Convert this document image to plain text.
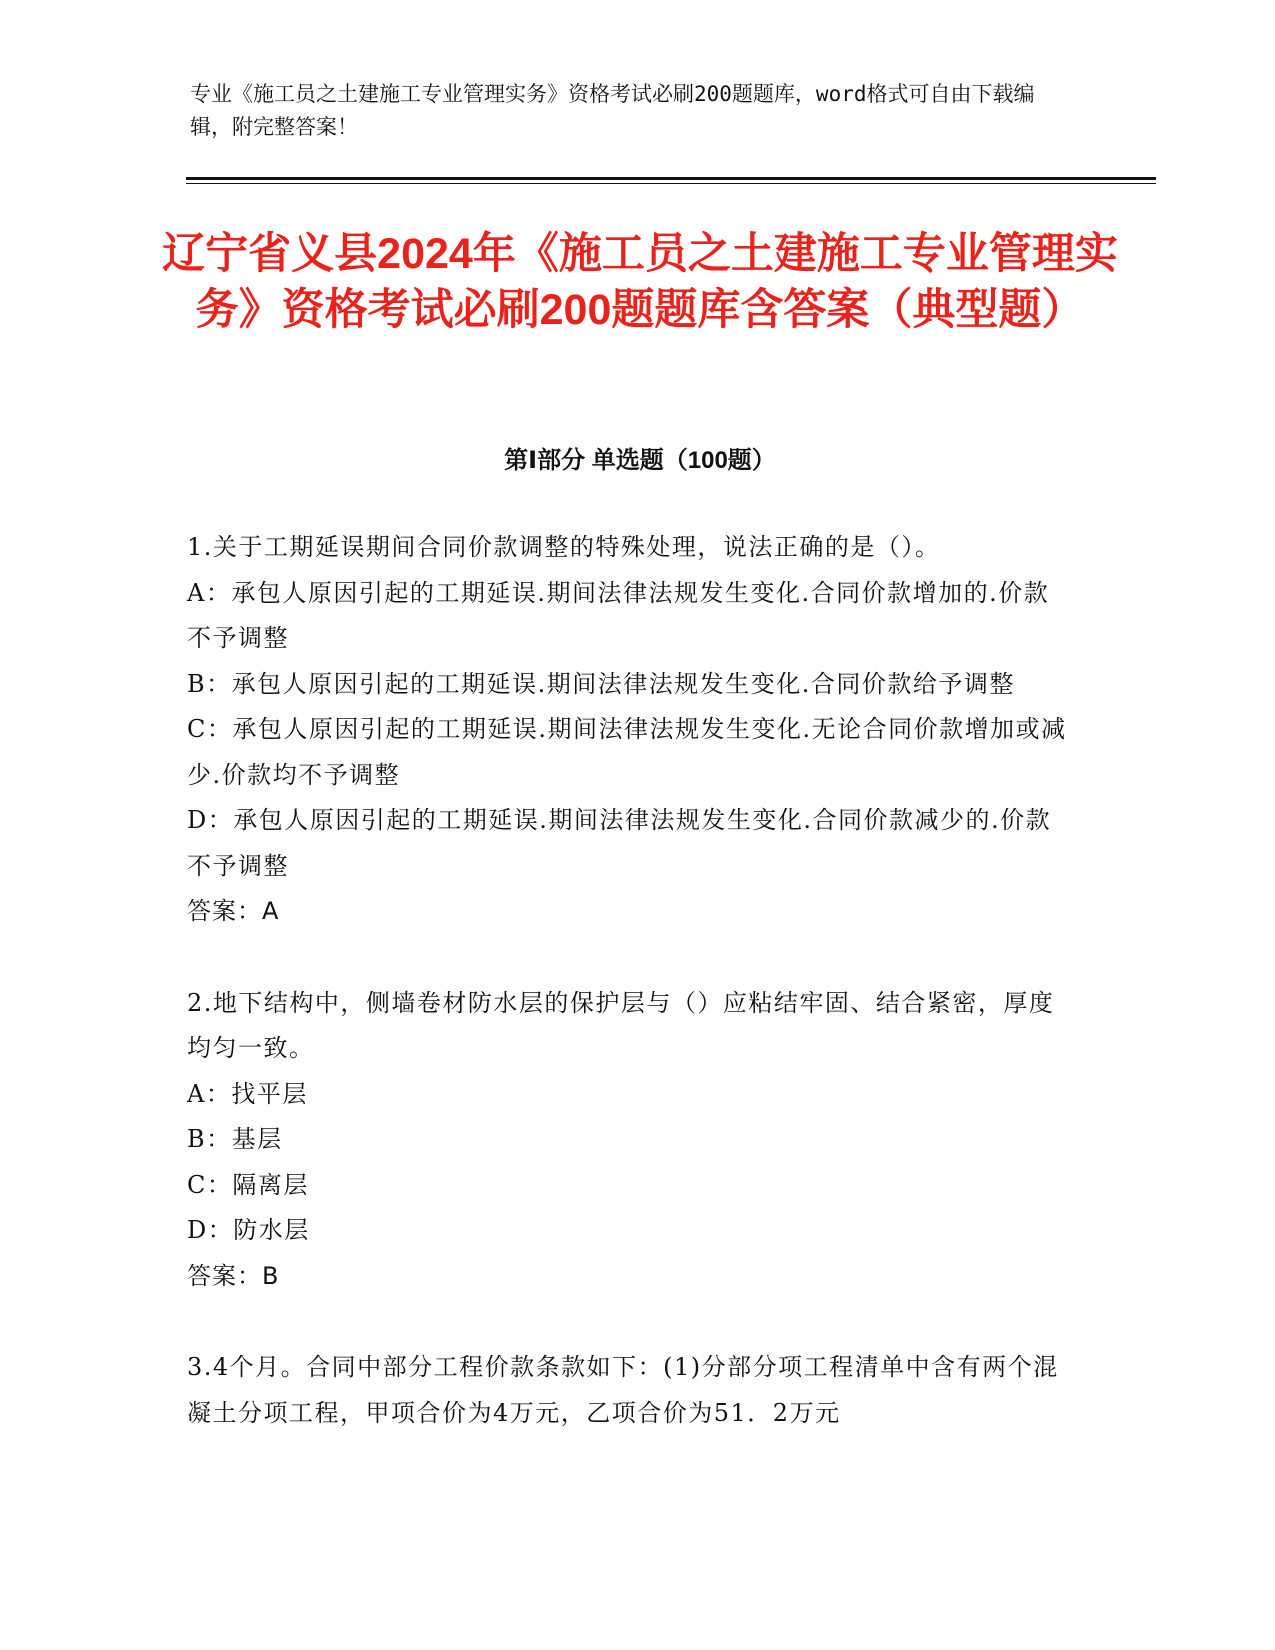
专业《施工员之土建施工专业管理实务》资格考试必刷200题题库，word格式可自由下载编辑，附完整答案！
辽宁省义县2024年《施工员之土建施工专业管理实务》资格考试必刷200题题库含答案（典型题）
第Ⅰ部分 单选题（100题）

1.关于工期延误期间合同价款调整的特殊处理，说法正确的是（）。

A：承包人原因引起的工期延误.期间法律法规发生变化.合同价款增加的.价款不予调整

B：承包人原因引起的工期延误.期间法律法规发生变化.合同价款给予调整

C：承包人原因引起的工期延误.期间法律法规发生变化.无论合同价款增加或减少.价款均不予调整

D：承包人原因引起的工期延误.期间法律法规发生变化.合同价款减少的.价款不予调整

答案：A

2.地下结构中，侧墙卷材防水层的保护层与（）应粘结牢固、结合紧密，厚度均匀一致。

A：找平层

B：基层

C：隔离层

D：防水层

答案：B

3.4个月。合同中部分工程价款条款如下：(1)分部分项工程清单中含有两个混凝土分项工程，甲项合价为4万元，乙项合价为51．2万元
